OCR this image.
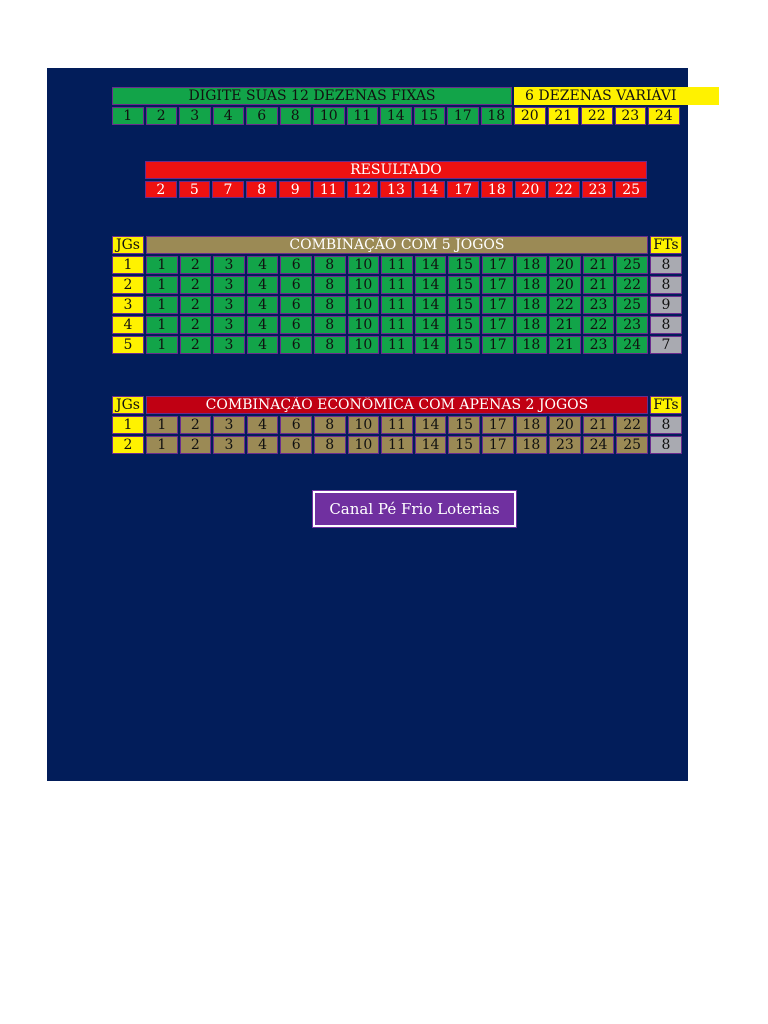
DIGITE SUAS 12 DEZENAS FIXAS	6 DEZENAS VARIÁVI
1	2	3	4	6	8	10	11	14	15	17	18	20	21	22	23	24
RESULTADO
2	5	7	8	9	11	12	13	14	17	18	20	22	23	25
JGs	COMBINAÇÃO COM 5 JOGOS	FTs
1	1	2	3	4	6	8	10	11	14	15	17	18	20	21	25	8
2	1	2	3	4	6	8	10	11	14	15	17	18	20	21	22	8
3	1	2	3	4	6	8	10	11	14	15	17	18	22	23	25	9
4	1	2	3	4	6	8	10	11	14	15	17	18	21	22	23	8
5	1	2	3	4	6	8	10	11	14	15	17	18	21	23	24	7
JGs	COMBINAÇÃO ECONÔMICA COM APENAS 2 JOGOS	FTs
1	1	2	3	4	6	8	10	11	14	15	17	18	20	21	22	8
2	1	2	3	4	6	8	10	11	14	15	17	18	23	24	25	8
Canal Pé Frio Loterias
